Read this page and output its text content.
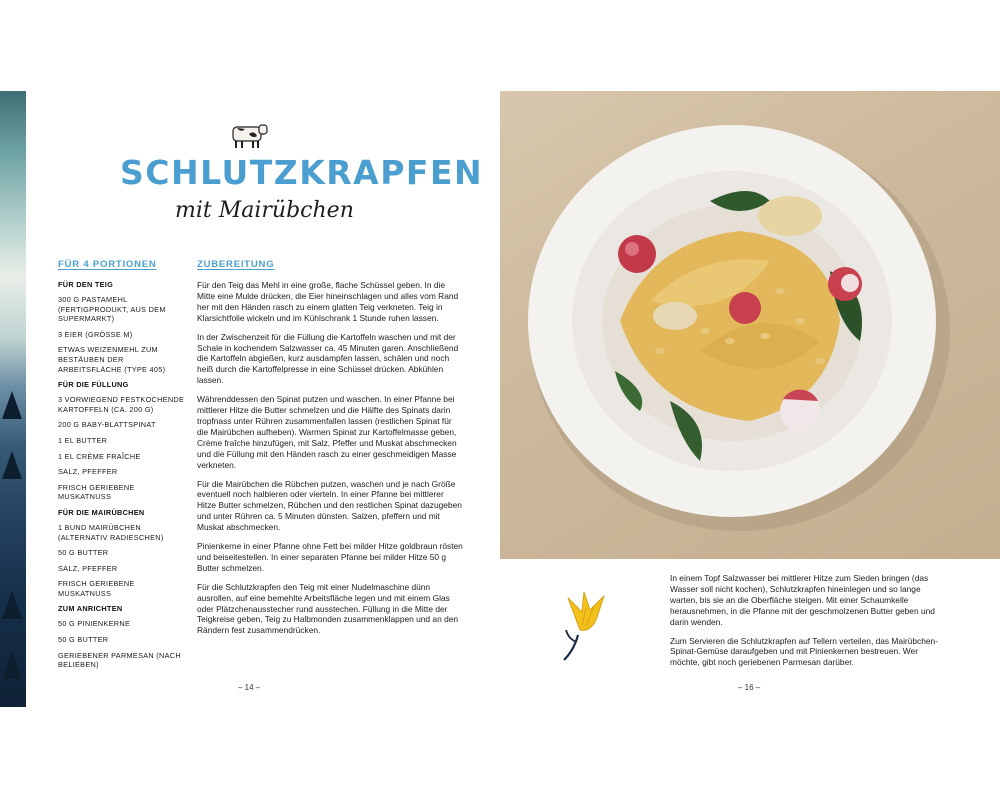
SCHLUTZKRAPFEN
mit Mairübchen
FÜR 4 PORTIONEN
FÜR DEN TEIG
300 G PASTAMEHL (FERTIGPRODUKT, AUS DEM SUPERMARKT)
3 EIER (GRÖSSE M)
ETWAS WEIZENMEHL ZUM BESTÄUBEN DER ARBEITSFLÄCHE (TYPE 405)
FÜR DIE FÜLLUNG
3 VORWIEGEND FESTKOCHENDE KARTOFFELN (CA. 200 G)
200 G BABY-BLATTSPINAT
1 EL BUTTER
1 EL CRÈME FRAÎCHE
SALZ, PFEFFER
FRISCH GERIEBENE MUSKATNUSS
FÜR DIE MAIRÜBCHEN
1 BUND MAIRÜBCHEN (ALTERNATIV RADIESCHEN)
50 G BUTTER
SALZ, PFEFFER
FRISCH GERIEBENE MUSKATNUSS
ZUM ANRICHTEN
50 G PINIENKERNE
50 G BUTTER
GERIEBENER PARMESAN (NACH BELIEBEN)
ZUBEREITUNG

Für den Teig das Mehl in eine große, flache Schüssel geben. In die Mitte eine Mulde drücken, die Eier hineinschlagen und alles vom Rand her mit den Händen rasch zu einem glatten Teig verkneten. Teig in Klarsichtfolie wickeln und im Kühlschrank 1 Stunde ruhen lassen.

In der Zwischenzeit für die Füllung die Kartoffeln waschen und mit der Schale in kochendem Salzwasser ca. 45 Minuten garen. Anschließend die Kartoffeln abgießen, kurz ausdampfen lassen, schälen und noch heiß durch die Kartoffelpresse in eine Schüssel drücken. Abkühlen lassen.

Währenddessen den Spinat putzen und waschen. In einer Pfanne bei mittlerer Hitze die Butter schmelzen und die Hälfte des Spinats darin tropfnass unter Rühren zusammenfallen lassen (restlichen Spinat für die Mairübchen aufheben). Warmen Spinat zur Kartoffelmasse geben, Crème fraîche hinzufügen, mit Salz, Pfeffer und Muskat abschmecken und die Füllung mit den Händen rasch zu einer geschmeidigen Masse verkneten.

Für die Mairübchen die Rübchen putzen, waschen und je nach Größe eventuell noch halbieren oder vierteln. In einer Pfanne bei mittlerer Hitze Butter schmelzen, Rübchen und den restlichen Spinat dazugeben und unter Rühren ca. 5 Minuten dünsten. Salzen, pfeffern und mit Muskat abschmecken.

Pinienkerne in einer Pfanne ohne Fett bei milder Hitze goldbraun rösten und beiseitestellen. In einer separaten Pfanne bei milder Hitze 50 g Butter schmelzen.

Für die Schlutzkrapfen den Teig mit einer Nudelmaschine dünn ausrollen, auf eine bemehlte Arbeitsfläche legen und mit einem Glas oder Plätzchenausstecher rund ausstechen. Füllung in die Mitte der Teigkreise geben, Teig zu Halbmonden zusammenklappen und an den Rändern fest zusammendrücken.

– 14 –

In einem Topf Salzwasser bei mittlerer Hitze zum Sieden bringen (das Wasser soll nicht kochen), Schlutzkrapfen hineinlegen und so lange warten, bis sie an die Oberfläche steigen. Mit einer Schaumkelle herausnehmen, in die Pfanne mit der geschmolzenen Butter geben und darin wenden.

Zum Servieren die Schlutzkrapfen auf Tellern verteilen, das Mairübchen-Spinat-Gemüse daraufgeben und mit Pinienkernen bestreuen. Wer möchte, gibt noch geriebenen Parmesan darüber.

– 16 –
